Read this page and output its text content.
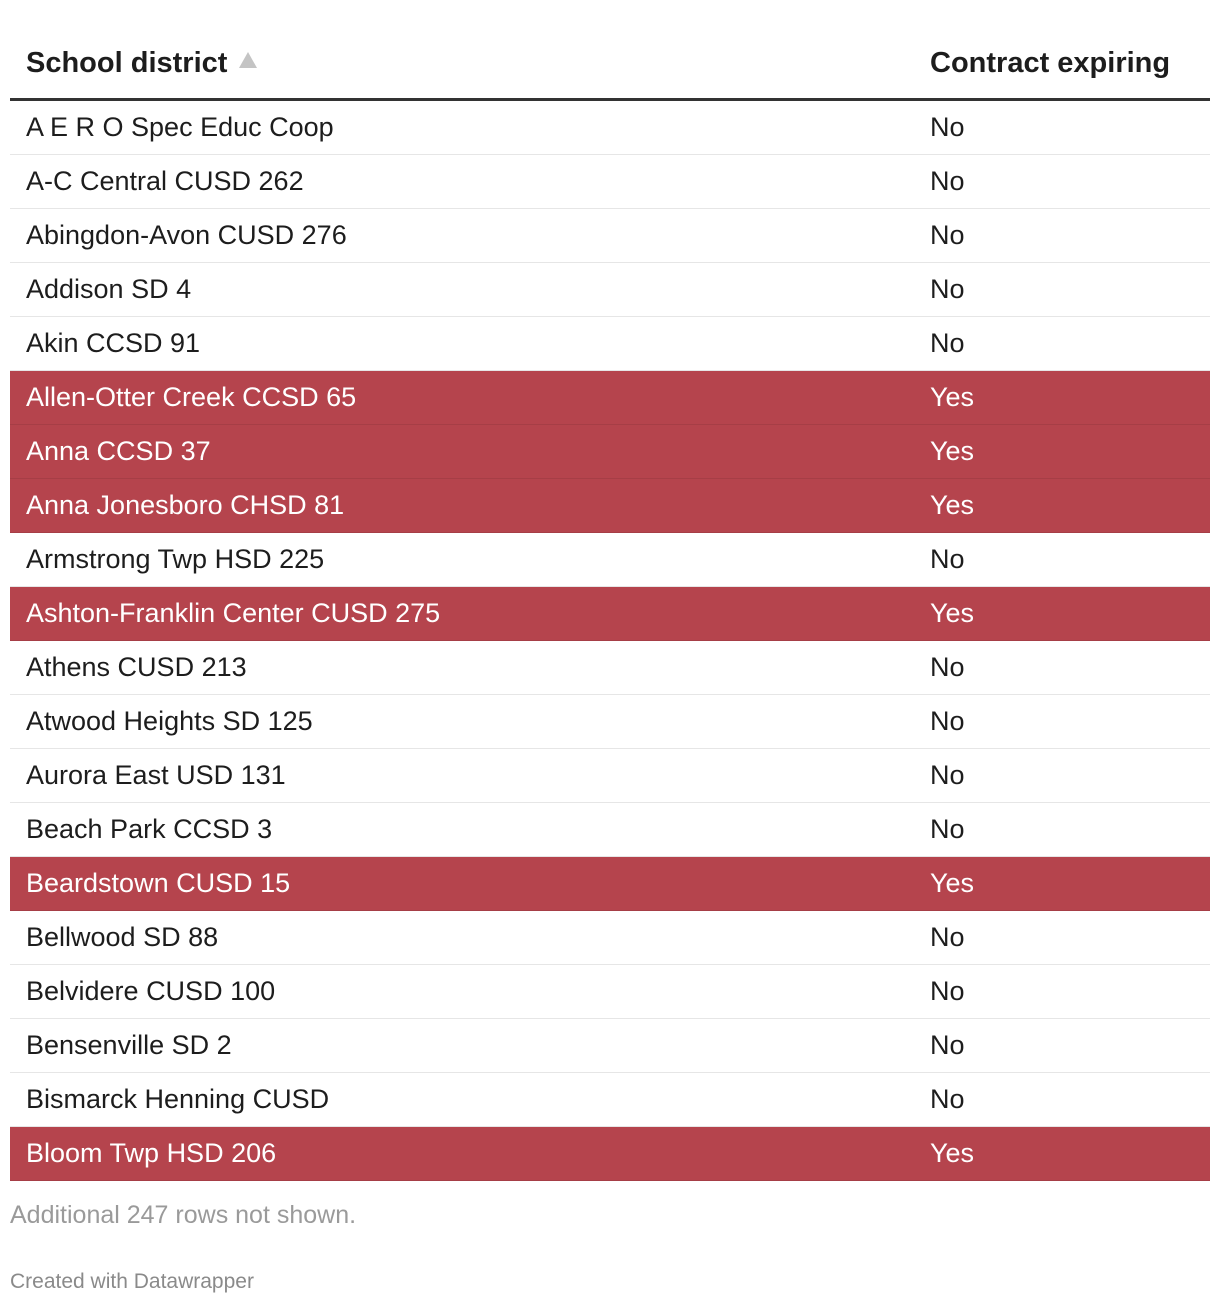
School district	Contract expiring
A E R O Spec Educ Coop	No
A-C Central CUSD 262	No
Abingdon-Avon CUSD 276	No
Addison SD 4	No
Akin CCSD 91	No
Allen-Otter Creek CCSD 65	Yes
Anna CCSD 37	Yes
Anna Jonesboro CHSD 81	Yes
Armstrong Twp HSD 225	No
Ashton-Franklin Center CUSD 275	Yes
Athens CUSD 213	No
Atwood Heights SD 125	No
Aurora East USD 131	No
Beach Park CCSD 3	No
Beardstown CUSD 15	Yes
Bellwood SD 88	No
Belvidere CUSD 100	No
Bensenville SD 2	No
Bismarck Henning CUSD	No
Bloom Twp HSD 206	Yes
Additional 247 rows not shown.
Created with Datawrapper
